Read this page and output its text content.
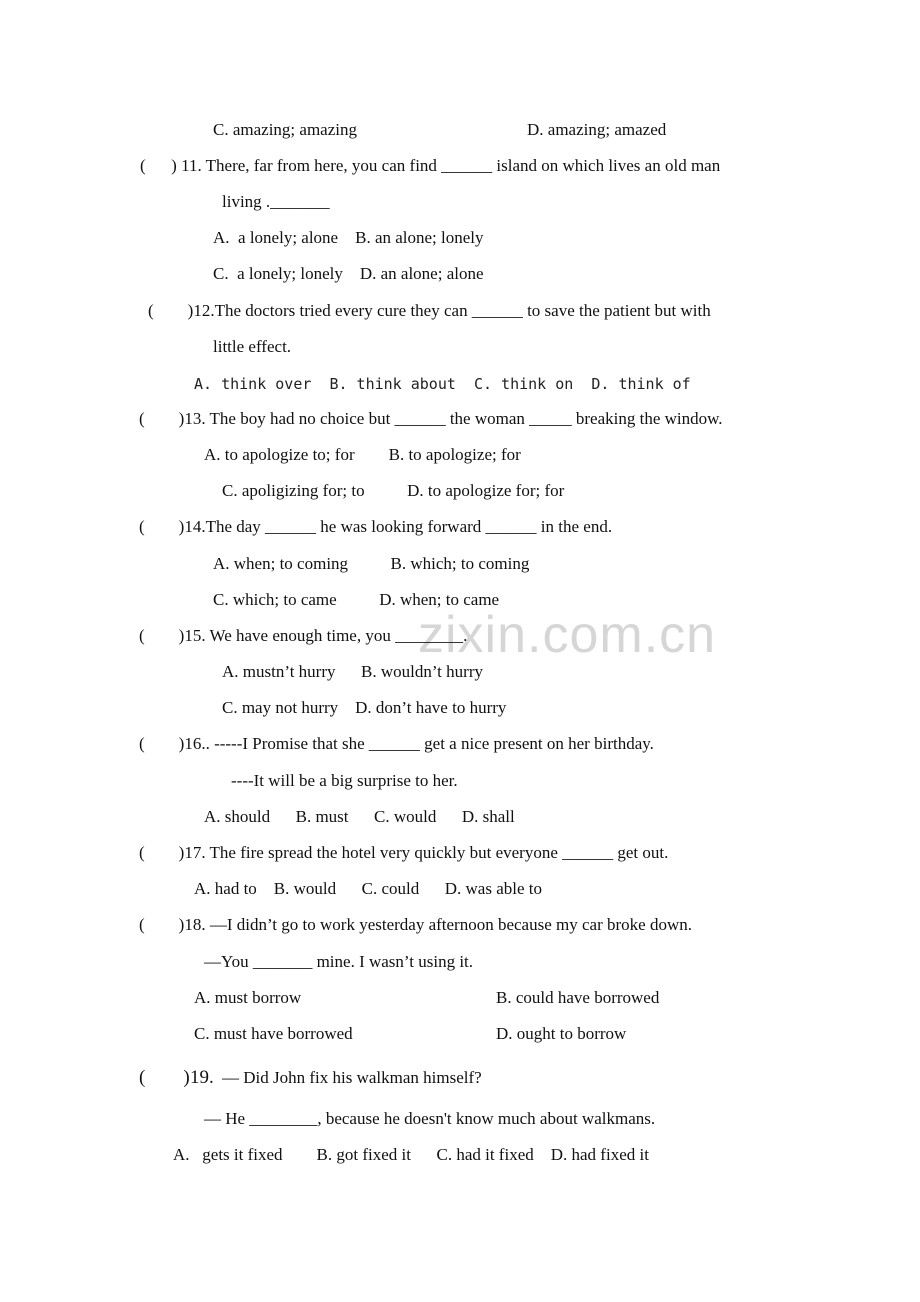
zixin.com.cn
C. amazing; amazing	D. amazing; amazed
(      ) 11. There, far from here, you can find ______ island on which lives an old man
living ._______
A.  a lonely; alone    B. an alone; lonely
C.  a lonely; lonely    D. an alone; alone
(        )12.The doctors tried every cure they can ______ to save the patient but with
little effect.
A. think over  B. think about  C. think on  D. think of
(        )13. The boy had no choice but ______ the woman _____ breaking the window.
A. to apologize to; for        B. to apologize; for
C. apoligizing for; to          D. to apologize for; for
(        )14.The day ______ he was looking forward ______ in the end.
A. when; to coming          B. which; to coming
C. which; to came          D. when; to came
(        )15. We have enough time, you ________.
A. mustn’t hurry      B. wouldn’t hurry
C. may not hurry    D. don’t have to hurry
(        )16.. -----I Promise that she ______ get a nice present on her birthday.
----It will be a big surprise to her.
A. should      B. must      C. would      D. shall
(        )17. The fire spread the hotel very quickly but everyone ______ get out.
A. had to    B. would      C. could      D. was able to
(        )18. —I didn’t go to work yesterday afternoon because my car broke down.
—You _______ mine. I wasn’t using it.
A. must borrow	B. could have borrowed
C. must have borrowed	D. ought to borrow
(        ) 19. — Did John fix his walkman himself?
— He ________, because he doesn't know much about walkmans.
A.   gets it fixed        B. got fixed it      C. had it fixed    D. had fixed it
